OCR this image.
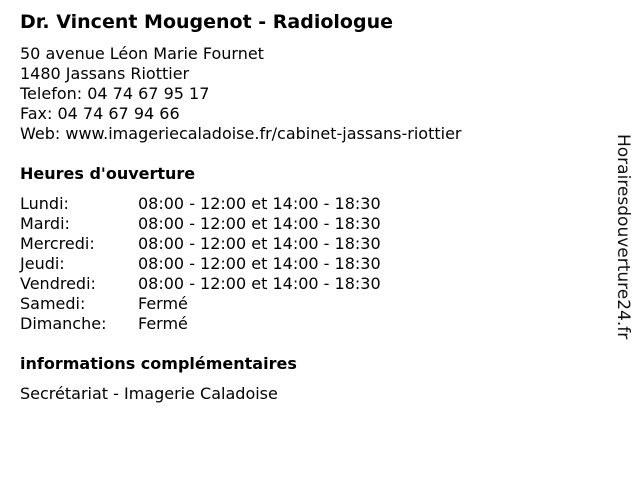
Dr. Vincent Mougenot - Radiologue
50 avenue Léon Marie Fournet
1480 Jassans Riottier
Telefon: 04 74 67 95 17
Fax: 04 74 67 94 66
Web: www.imageriecaladoise.fr/cabinet-jassans-riottier
Heures d'ouverture
Lundi:	08:00 - 12:00 et 14:00 - 18:30
Mardi:	08:00 - 12:00 et 14:00 - 18:30
Mercredi:	08:00 - 12:00 et 14:00 - 18:30
Jeudi:	08:00 - 12:00 et 14:00 - 18:30
Vendredi:	08:00 - 12:00 et 14:00 - 18:30
Samedi:	Fermé
Dimanche: Fermé
informations complémentaires
Secrétariat - Imagerie Caladoise
Horairesdouverture24.fr
